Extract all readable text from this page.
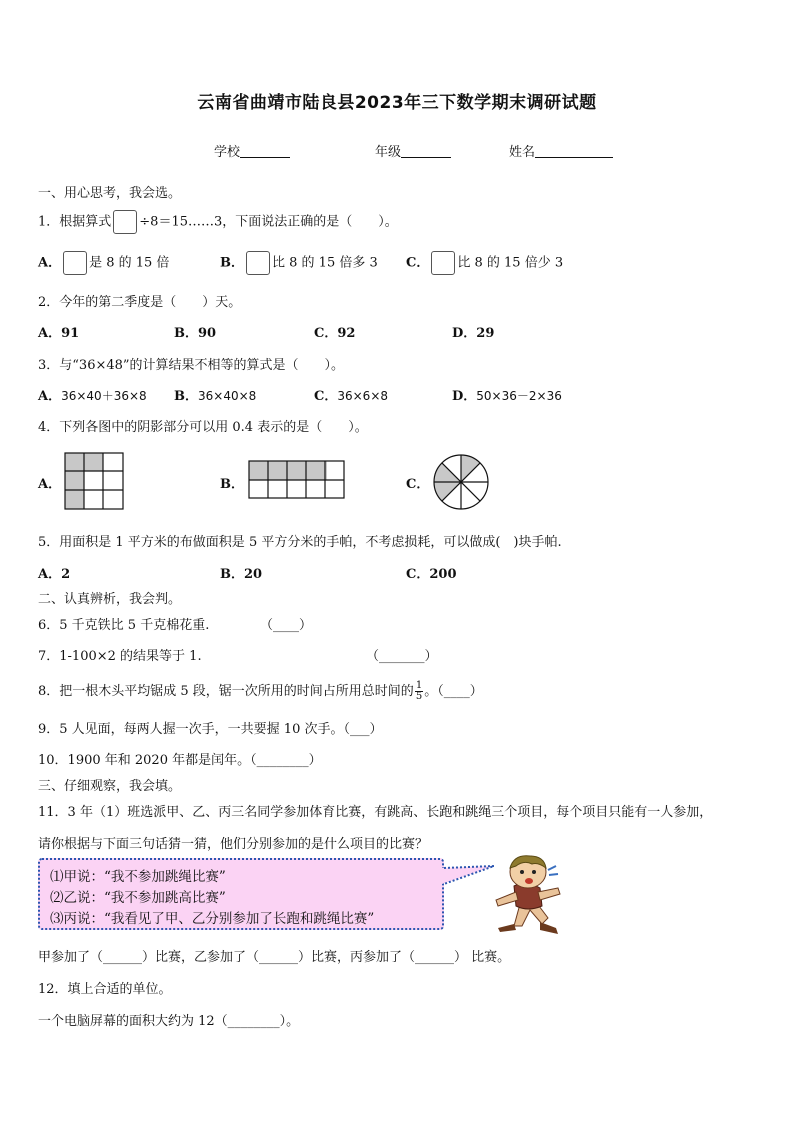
云南省曲靖市陆良县2023年三下数学期末调研试题
学校	年级	姓名
一、用心思考，我会选。
1．根据算式 ÷8＝15……3，下面说法正确的是（　　）。
A． 是 8 的 15 倍	B． 比 8 的 15 倍多 3 C． 比 8 的 15 倍少 3
2．今年的第二季度是（　　）天。
A．91	B．90	C．92	D．29
3．与“36×48”的计算结果不相等的算式是（　　）。
A．36×40＋36×8 B．36×40×8	C．36×6×8	D．50×36－2×36
4．下列各图中的阴影部分可以用 0.4 表示的是（　　）。
A．	B．	C．
5．用面积是 1 平方米的布做面积是 5 平方分米的手帕，不考虑损耗，可以做成(　)块手帕.
A．2	B．20	C．200
二、认真辨析，我会判。
6．5 千克铁比 5 千克棉花重.	（____）
7．1-100×2 的结果等于 1.	（_______）
8．把一根木头平均锯成 5 段，锯一次所用的时间占所用总时间的 $\frac{1}{5}$ 。（____）
9．5 人见面，每两人握一次手，一共要握 10 次手。（___）
10．1900 年和 2020 年都是闰年。（________）
三、仔细观察，我会填。
11．3 年（1）班选派甲、乙、丙三名同学参加体育比赛，有跳高、长跑和跳绳三个项目，每个项目只能有一人参加，
请你根据与下面三句话猜一猜，他们分别参加的是什么项目的比赛？
⑴甲说：“我不参加跳绳比赛”
⑵乙说：“我不参加跳高比赛”
⑶丙说：“我看见了甲、乙分别参加了长跑和跳绳比赛”
甲参加了（______）比赛，乙参加了（______）比赛，丙参加了（______） 比赛。
12．填上合适的单位。
一个电脑屏幕的面积大约为 12（________）。
